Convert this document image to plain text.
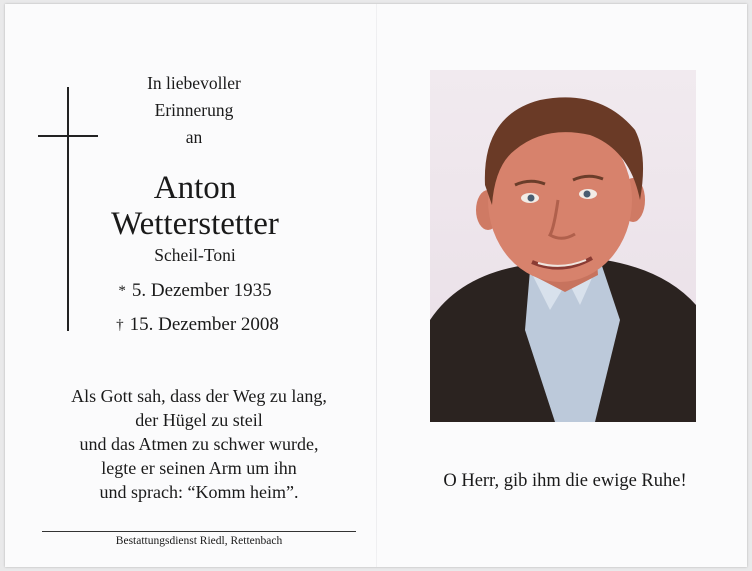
In liebevoller
Erinnerung
an
Anton
Wetterstetter
Scheil-Toni
* 5. Dezember 1935
† 15. Dezember 2008
Als Gott sah, dass der Weg zu lang,
der Hügel zu steil
und das Atmen zu schwer wurde,
legte er seinen Arm um ihn
und sprach: “Komm heim”.
Bestattungsdienst Riedl, Rettenbach
O Herr, gib ihm die ewige Ruhe!
